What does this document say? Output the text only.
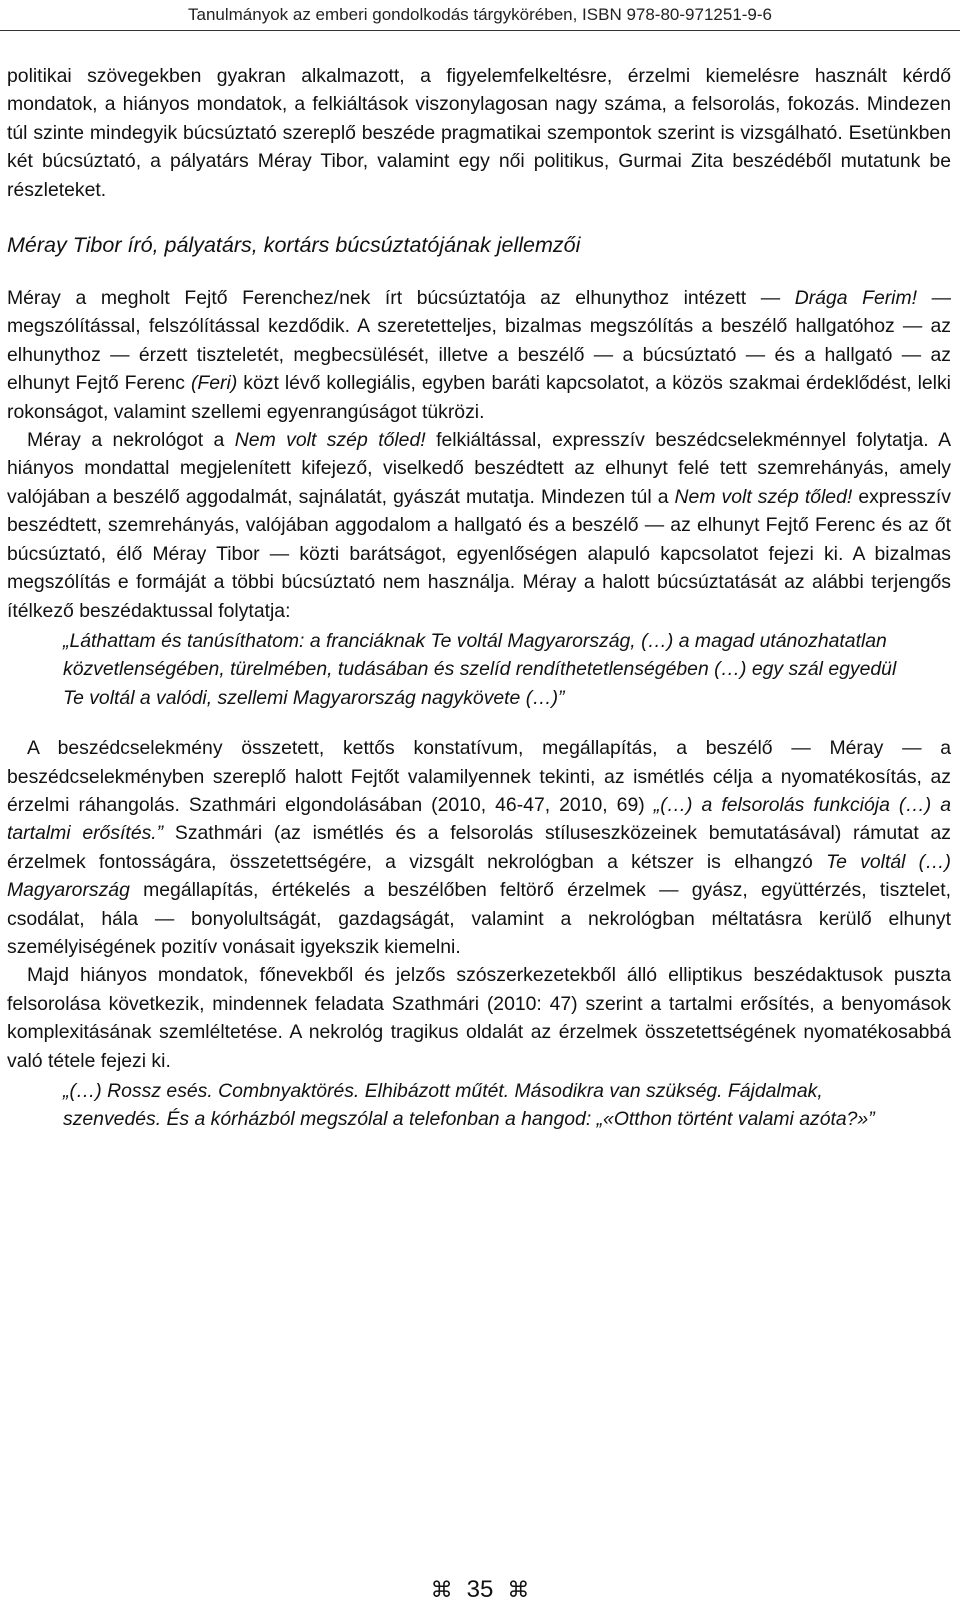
Tanulmányok az emberi gondolkodás tárgykörében, ISBN 978-80-971251-9-6

politikai szövegekben gyakran alkalmazott, a figyelemfelkeltésre, érzelmi kiemelésre használt kérdő mondatok, a hiányos mondatok, a felkiáltások viszonylagosan nagy száma, a felsorolás, fokozás. Mindezen túl szinte mindegyik búcsúztató szereplő beszéde pragmatikai szempontok szerint is vizsgálható. Esetünkben két búcsúztató, a pályatárs Méray Tibor, valamint egy női politikus, Gurmai Zita beszédéből mutatunk be részleteket.

Méray Tibor író, pályatárs, kortárs búcsúztatójának jellemzői

Méray a megholt Fejtő Ferenchez/nek írt búcsúztatója az elhunythoz intézett — Drága Ferim! — megszólítással, felszólítással kezdődik. A szeretetteljes, bizalmas megszólítás a beszélő hallgatóhoz — az elhunythoz — érzett tiszteletét, megbecsülését, illetve a beszélő — a búcsúztató — és a hallgató — az elhunyt Fejtő Ferenc (Feri) közt lévő kollegiális, egyben baráti kapcsolatot, a közös szakmai érdeklődést, lelki rokonságot, valamint szellemi egyenrangúságot tükrözi.

Méray a nekrológot a Nem volt szép tőled! felkiáltással, expresszív beszédcselekménnyel folytatja. A hiányos mondattal megjelenített kifejező, viselkedő beszédtett az elhunyt felé tett szemrehányás, amely valójában a beszélő aggodalmát, sajnálatát, gyászát mutatja. Mindezen túl a Nem volt szép tőled! expresszív beszédtett, szemrehányás, valójában aggodalom a hallgató és a beszélő — az elhunyt Fejtő Ferenc és az őt búcsúztató, élő Méray Tibor — közti barátságot, egyenlőségen alapuló kapcsolatot fejezi ki. A bizalmas megszólítás e formáját a többi búcsúztató nem használja. Méray a halott búcsúztatását az alábbi terjengős ítélkező beszédaktussal folytatja:

„Láthattam és tanúsíthatom: a franciáknak Te voltál Magyarország, (…) a magad utánozhatatlan közvetlenségében, türelmében, tudásában és szelíd rendíthetetlenségében (…) egy szál egyedül Te voltál a valódi, szellemi Magyarország nagykövete (…)”

A beszédcselekmény összetett, kettős konstatívum, megállapítás, a beszélő — Méray — a beszédcselekményben szereplő halott Fejtőt valamilyennek tekinti, az ismétlés célja a nyomatékosítás, az érzelmi ráhangolás. Szathmári elgondolásában (2010, 46-47, 2010, 69) „(…) a felsorolás funkciója (…) a tartalmi erősítés.” Szathmári (az ismétlés és a felsorolás stíluseszközeinek bemutatásával) rámutat az érzelmek fontosságára, összetettségére, a vizsgált nekrológban a kétszer is elhangzó Te voltál (…) Magyarország megállapítás, értékelés a beszélőben feltörő érzelmek — gyász, együttérzés, tisztelet, csodálat, hála — bonyolultságát, gazdagságát, valamint a nekrológban méltatásra kerülő elhunyt személyiségének pozitív vonásait igyekszik kiemelni.

Majd hiányos mondatok, főnevekből és jelzős szószerkezetekből álló elliptikus beszédaktusok puszta felsorolása következik, mindennek feladata Szathmári (2010: 47) szerint a tartalmi erősítés, a benyomások komplexitásának szemléltetése. A nekrológ tragikus oldalát az érzelmek összetettségének nyomatékosabbá való tétele fejezi ki.

„(…) Rossz esés. Combnyaktörés. Elhibázott műtét. Másodikra van szükség. Fájdalmak, szenvedés. És a kórházból megszólal a telefonban a hangod: „«Otthon történt valami azóta?»”

⌘ 35 ⌘
